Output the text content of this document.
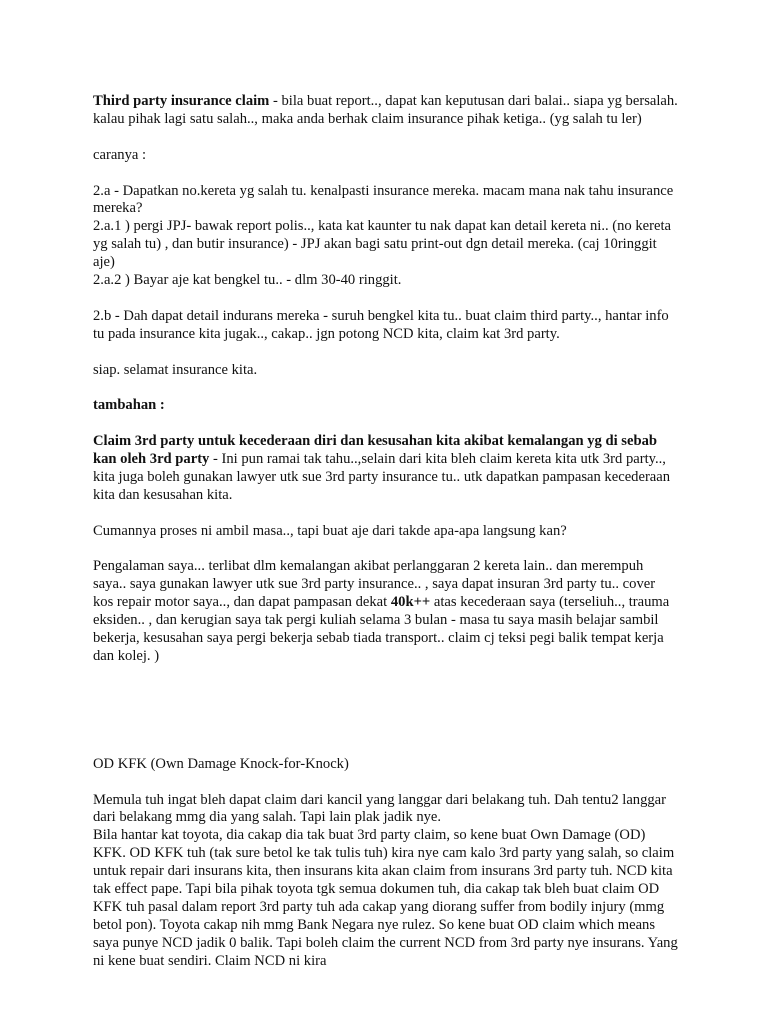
Third party insurance claim - bila buat report.., dapat kan keputusan dari balai.. siapa yg bersalah. kalau pihak lagi satu salah.., maka anda berhak claim insurance pihak ketiga.. (yg salah tu ler)

caranya :

2.a - Dapatkan no.kereta yg salah tu. kenalpasti insurance mereka. macam mana nak tahu insurance mereka?
2.a.1 ) pergi JPJ- bawak report polis.., kata kat kaunter tu nak dapat kan detail kereta ni.. (no kereta yg salah tu) , dan butir insurance) - JPJ akan bagi satu print-out dgn detail mereka. (caj 10ringgit aje)
2.a.2 ) Bayar aje kat bengkel tu.. - dlm 30-40 ringgit.

2.b - Dah dapat detail indurans mereka - suruh bengkel kita tu.. buat claim third party.., hantar info tu pada insurance kita jugak.., cakap.. jgn potong NCD kita, claim kat 3rd party.

siap. selamat insurance kita.

tambahan :

Claim 3rd party untuk kecederaan diri dan kesusahan kita akibat kemalangan yg di sebab kan oleh 3rd party - Ini pun ramai tak tahu..,selain dari kita bleh claim kereta kita utk 3rd party.., kita juga boleh gunakan lawyer utk sue 3rd party insurance tu.. utk dapatkan pampasan kecederaan kita dan kesusahan kita.

Cumannya proses ni ambil masa.., tapi buat aje dari takde apa-apa langsung kan?

Pengalaman saya... terlibat dlm kemalangan akibat perlanggaran 2 kereta lain.. dan merempuh saya.. saya gunakan lawyer utk sue 3rd party insurance.. , saya dapat insuran 3rd party tu.. cover kos repair motor saya.., dan dapat pampasan dekat 40k++ atas kecederaan saya (terseliuh.., trauma eksiden.. , dan kerugian saya tak pergi kuliah selama 3 bulan - masa tu saya masih belajar sambil bekerja, kesusahan saya pergi bekerja sebab tiada transport.. claim cj teksi pegi balik tempat kerja dan kolej. )

OD KFK (Own Damage Knock-for-Knock)

Memula tuh ingat bleh dapat claim dari kancil yang langgar dari belakang tuh. Dah tentu2 langgar dari belakang mmg dia yang salah. Tapi lain plak jadik nye.
Bila hantar kat toyota, dia cakap dia tak buat 3rd party claim, so kene buat Own Damage (OD) KFK. OD KFK tuh (tak sure betol ke tak tulis tuh) kira nye cam kalo 3rd party yang salah, so claim untuk repair dari insurans kita, then insurans kita akan claim from insurans 3rd party tuh. NCD kita tak effect pape. Tapi bila pihak toyota tgk semua dokumen tuh, dia cakap tak bleh buat claim OD KFK tuh pasal dalam report 3rd party tuh ada cakap yang diorang suffer from bodily injury (mmg betol pon). Toyota cakap nih mmg Bank Negara nye rulez. So kene buat OD claim which means saya punye NCD jadik 0 balik. Tapi boleh claim the current NCD from 3rd party nye insurans. Yang ni kene buat sendiri. Claim NCD ni kira
